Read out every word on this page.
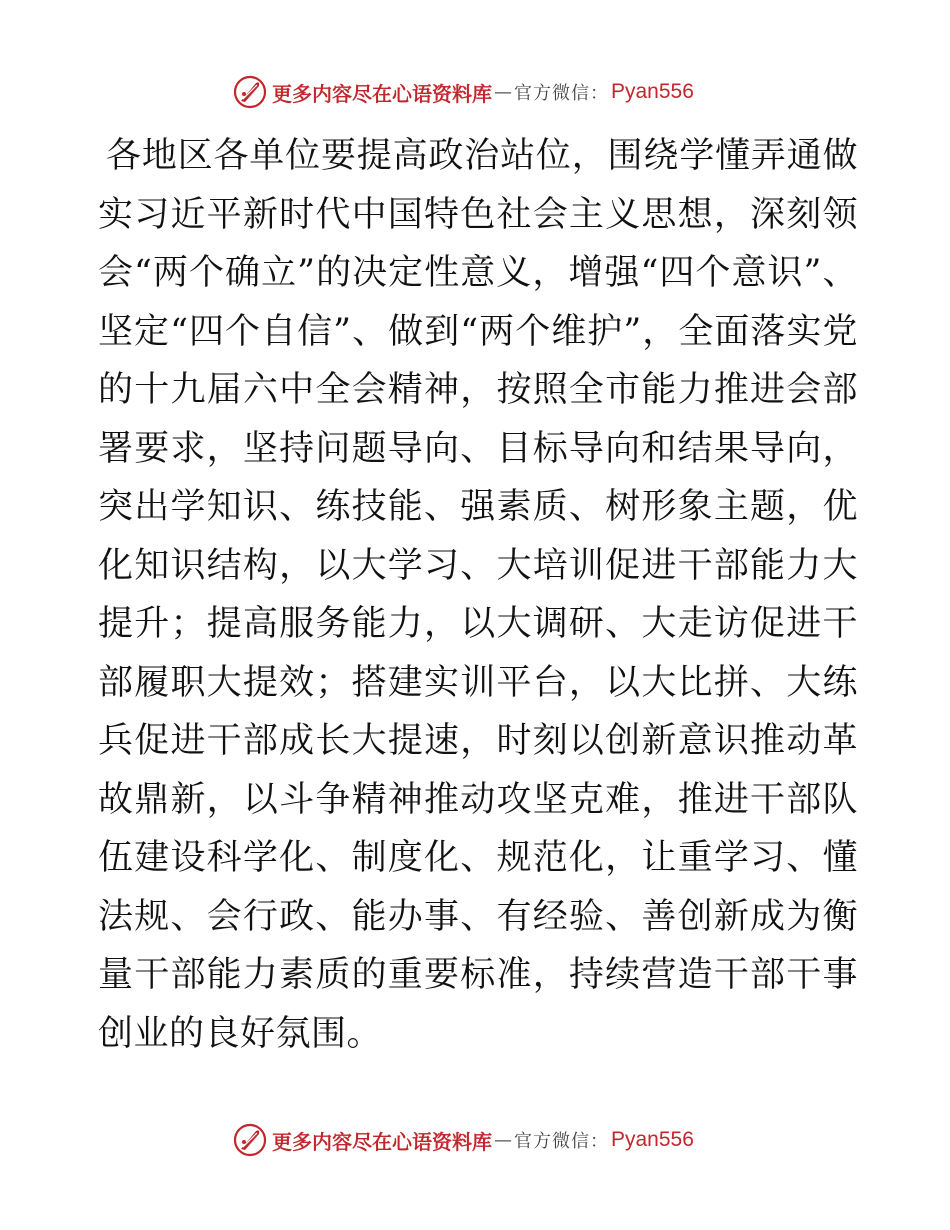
更多内容尽在心语资料库 — 官方微信： Pyan556
各地区各单位要提高政治站位，围绕学懂弄通做实习近平新时代中国特色社会主义思想，深刻领会“两个确立”的决定性意义，增强“四个意识”、坚定“四个自信”、做到“两个维护”，全面落实党的十九届六中全会精神，按照全市能力推进会部署要求，坚持问题导向、目标导向和结果导向，突出学知识、练技能、强素质、树形象主题，优化知识结构，以大学习、大培训促进干部能力大提升；提高服务能力，以大调研、大走访促进干部履职大提效；搭建实训平台，以大比拼、大练兵促进干部成长大提速，时刻以创新意识推动革故鼎新，以斗争精神推动攻坚克难，推进干部队伍建设科学化、制度化、规范化，让重学习、懂法规、会行政、能办事、有经验、善创新成为衡量干部能力素质的重要标准，持续营造干部干事创业的良好氛围。
更多内容尽在心语资料库 — 官方微信： Pyan556
